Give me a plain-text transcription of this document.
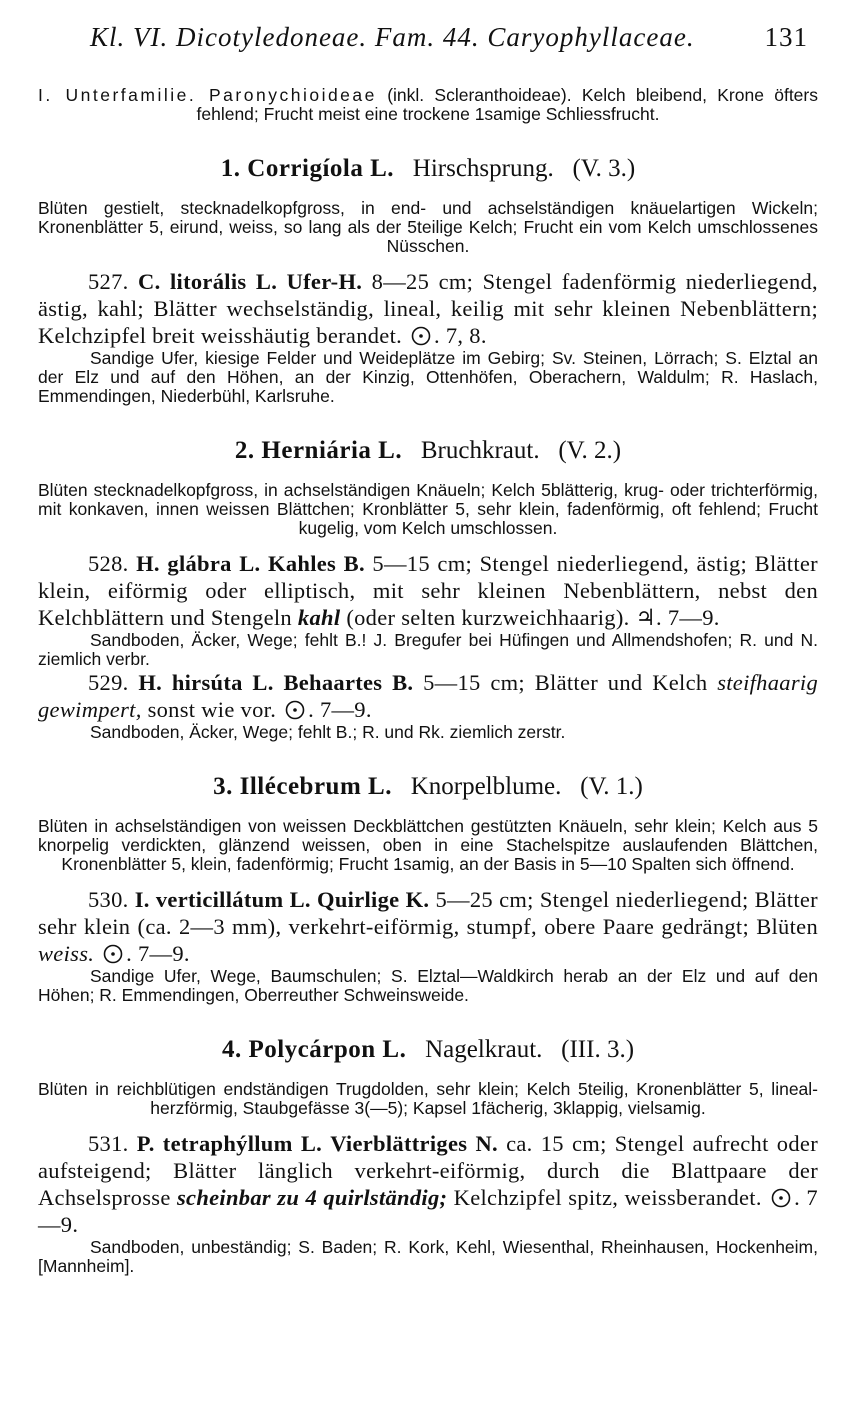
Kl. VI. Dicotyledoneae. Fam. 44. Caryophyllaceae.	131
I. Unterfamilie. Paronychioideae (inkl. Scleranthoideae). Kelch bleibend, Krone öfters fehlend; Frucht meist eine trockene 1samige Schliessfrucht.
1. Corrigíola L. Hirschsprung. (V. 3.)
Blüten gestielt, stecknadelkopfgross, in end- und achselständigen knäuelartigen Wickeln; Kronenblätter 5, eirund, weiss, so lang als der 5teilige Kelch; Frucht ein vom Kelch umschlossenes Nüsschen.
527. C. litorális L. Ufer-H. 8—25 cm; Stengel fadenförmig niederliegend, ästig, kahl; Blätter wechselständig, lineal, keilig mit sehr kleinen Nebenblättern; Kelchzipfel breit weisshäutig berandet. . 7, 8.
Sandige Ufer, kiesige Felder und Weideplätze im Gebirg; Sv. Steinen, Lörrach; S. Elztal an der Elz und auf den Höhen, an der Kinzig, Ottenhöfen, Oberachern, Waldulm; R. Haslach, Emmendingen, Niederbühl, Karlsruhe.
2. Herniária L. Bruchkraut. (V. 2.)
Blüten stecknadelkopfgross, in achselständigen Knäueln; Kelch 5blätterig, krug- oder trichterförmig, mit konkaven, innen weissen Blättchen; Kronblätter 5, sehr klein, fadenförmig, oft fehlend; Frucht kugelig, vom Kelch umschlossen.
528. H. glábra L. Kahles B. 5—15 cm; Stengel niederliegend, ästig; Blätter klein, eiförmig oder elliptisch, mit sehr kleinen Nebenblättern, nebst den Kelchblättern und Stengeln kahl (oder selten kurzweichhaarig). ♃. 7—9.
Sandboden, Äcker, Wege; fehlt B.! J. Bregufer bei Hüfingen und Allmendshofen; R. und N. ziemlich verbr.
529. H. hirsúta L. Behaartes B. 5—15 cm; Blätter und Kelch steifhaarig gewimpert, sonst wie vor. . 7—9.
Sandboden, Äcker, Wege; fehlt B.; R. und Rk. ziemlich zerstr.
3. Illécebrum L. Knorpelblume. (V. 1.)
Blüten in achselständigen von weissen Deckblättchen gestützten Knäueln, sehr klein; Kelch aus 5 knorpelig verdickten, glänzend weissen, oben in eine Stachelspitze auslaufenden Blättchen, Kronenblätter 5, klein, fadenförmig; Frucht 1samig, an der Basis in 5—10 Spalten sich öffnend.
530. I. verticillátum L. Quirlige K. 5—25 cm; Stengel niederliegend; Blätter sehr klein (ca. 2—3 mm), verkehrt-eiförmig, stumpf, obere Paare gedrängt; Blüten weiss. . 7—9.
Sandige Ufer, Wege, Baumschulen; S. Elztal—Waldkirch herab an der Elz und auf den Höhen; R. Emmendingen, Oberreuther Schweinsweide.
4. Polycárpon L. Nagelkraut. (III. 3.)
Blüten in reichblütigen endständigen Trugdolden, sehr klein; Kelch 5teilig, Kronenblätter 5, lineal-herzförmig, Staubgefässe 3(—5); Kapsel 1fächerig, 3klappig, vielsamig.
531. P. tetraphýllum L. Vierblättriges N. ca. 15 cm; Stengel aufrecht oder aufsteigend; Blätter länglich verkehrt-eiförmig, durch die Blattpaare der Achselsprosse scheinbar zu 4 quirlständig; Kelchzipfel spitz, weissberandet. . 7—9.
Sandboden, unbeständig; S. Baden; R. Kork, Kehl, Wiesenthal, Rheinhausen, Hockenheim, [Mannheim].
